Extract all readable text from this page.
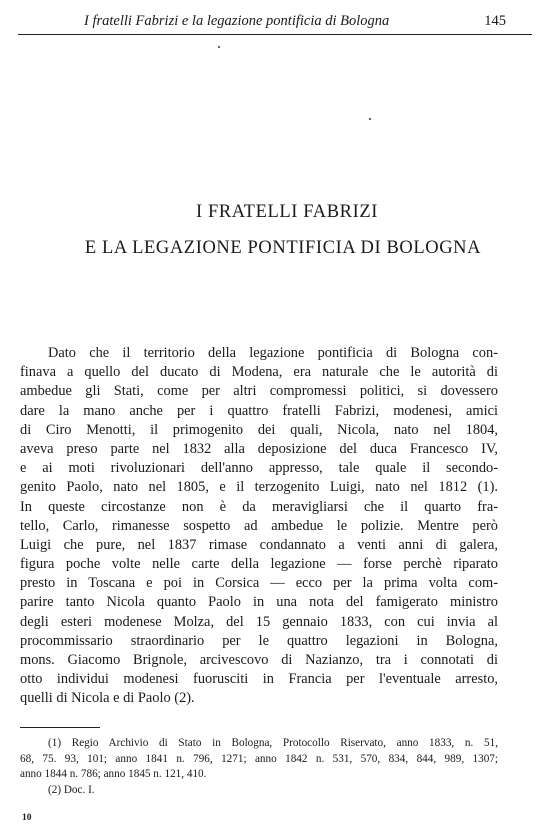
I fratelli Fabrizi e la legazione pontificia di Bologna	145
I FRATELLI FABRIZI
E LA LEGAZIONE PONTIFICIA DI BOLOGNA
Dato che il territorio della legazione pontificia di Bologna con-
finava a quello del ducato di Modena, era naturale che le autorità di
ambedue gli Stati, come per altri compromessi politici, si dovessero
dare la mano anche per i quattro fratelli Fabrizi, modenesi, amici
di Ciro Menotti, il primogenito dei quali, Nicola, nato nel 1804,
aveva preso parte nel 1832 alla deposizione del duca Francesco IV,
e ai moti rivoluzionari dell'anno appresso, tale quale il secondo-
genito Paolo, nato nel 1805, e il terzogenito Luigi, nato nel 1812 (1).
In queste circostanze non è da meravigliarsi che il quarto fra-
tello, Carlo, rimanesse sospetto ad ambedue le polizie. Mentre però
Luigi che pure, nel 1837 rimase condannato a venti anni di galera,
figura poche volte nelle carte della legazione — forse perchè riparato
presto in Toscana e poi in Corsica — ecco per la prima volta com-
parire tanto Nicola quanto Paolo in una nota del famigerato ministro
degli esteri modenese Molza, del 15 gennaio 1833, con cui invia al
procommissario straordinario per le quattro legazioni in Bologna,
mons. Giacomo Brignole, arcivescovo di Nazianzo, tra i connotati di
otto individui modenesi fuorusciti in Francia per l'eventuale arresto,
quelli di Nicola e di Paolo (2).
(1) Regio Archivio di Stato in Bologna, Protocollo Riservato, anno 1833, n. 51,
68, 75. 93, 101; anno 1841 n. 796, 1271; anno 1842 n. 531, 570, 834, 844, 989, 1307;
anno 1844 n. 786; anno 1845 n. 121, 410.
(2) Doc. I.
10
